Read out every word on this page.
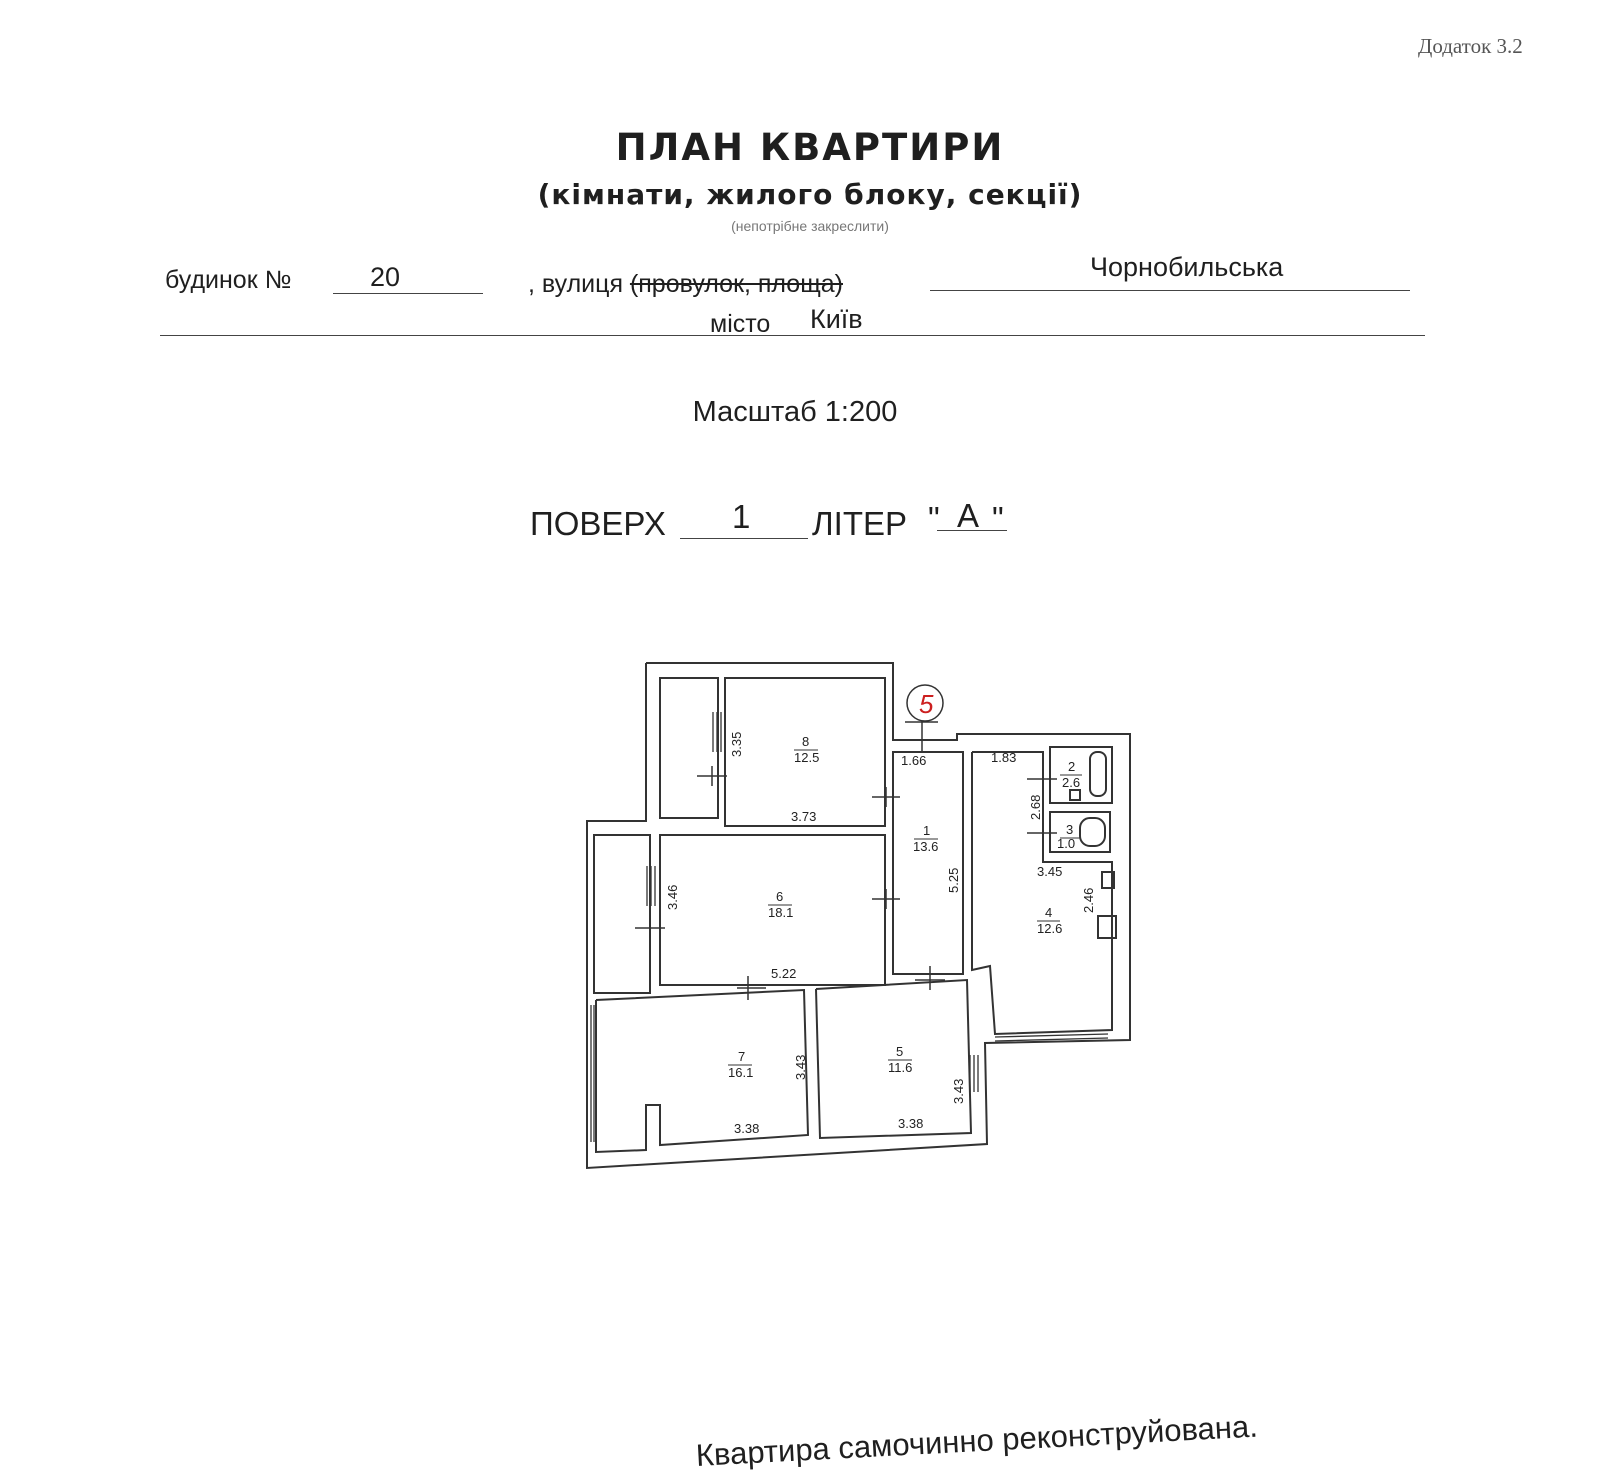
Додаток 3.2
ПЛАН КВАРТИРИ
(кімнати, жилого блоку, секції)
(непотрібне закреслити)
будинок №	20	, вулиця (провулок, площа)
Чорнобильська
місто Київ
Масштаб 1:200
ПОВЕРХ 1 ЛІТЕР " А "
5
8
12.5
1
13.6
2
2.6
3
1.0
4
12.6
6
18.1
7
16.1
5
11.6
3.35
3.73
1.66
5.25
1.83
2.68
3.45
2.46
3.46
5.22
3.43
3.38
3.43
3.38
Квартира самочинно реконструйована.
